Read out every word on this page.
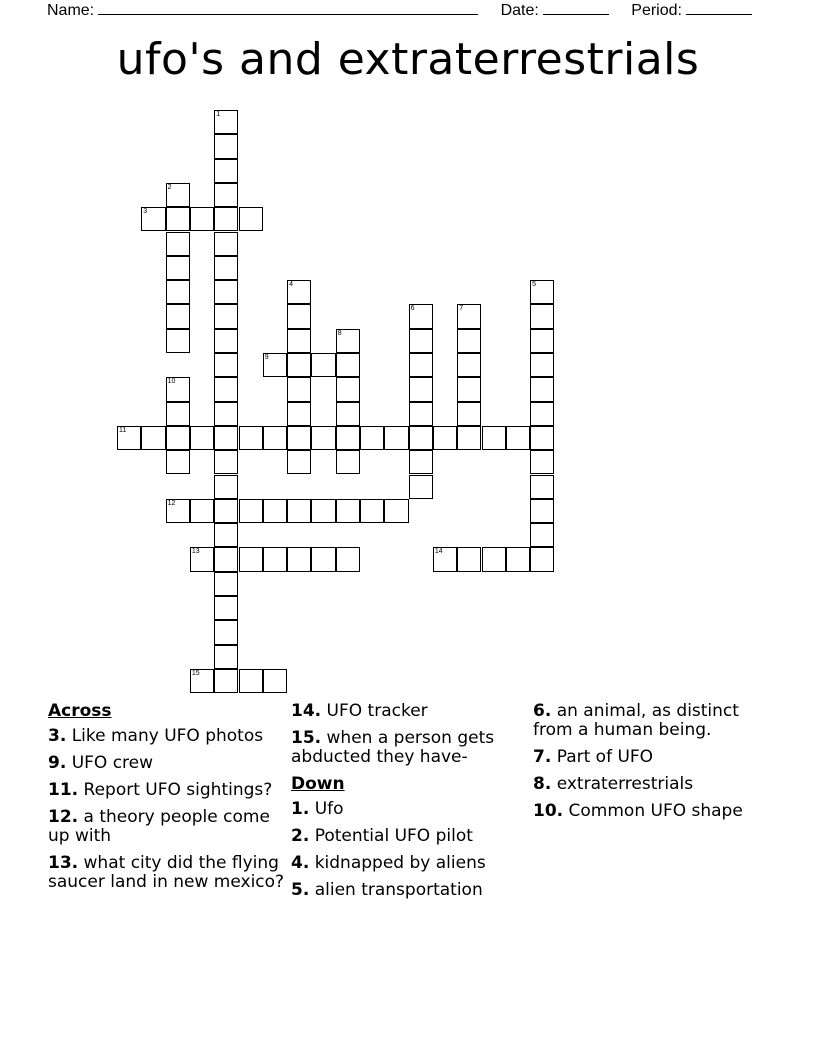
Name:	Date:	Period:
ufo's and extraterrestrials
1
2
3
4	5
6	7
8
9
10
11
12
13	14
15
Across
3. Like many UFO photos
9. UFO crew
11. Report UFO sightings?
12. a theory people come up with
13. what city did the flying saucer land in new mexico?
14. UFO tracker
15. when a person gets abducted they have-
Down
1. Ufo
2. Potential UFO pilot
4. kidnapped by aliens
5. alien transportation
6. an animal, as distinct from a human being.
7. Part of UFO
8. extraterrestrials
10. Common UFO shape
